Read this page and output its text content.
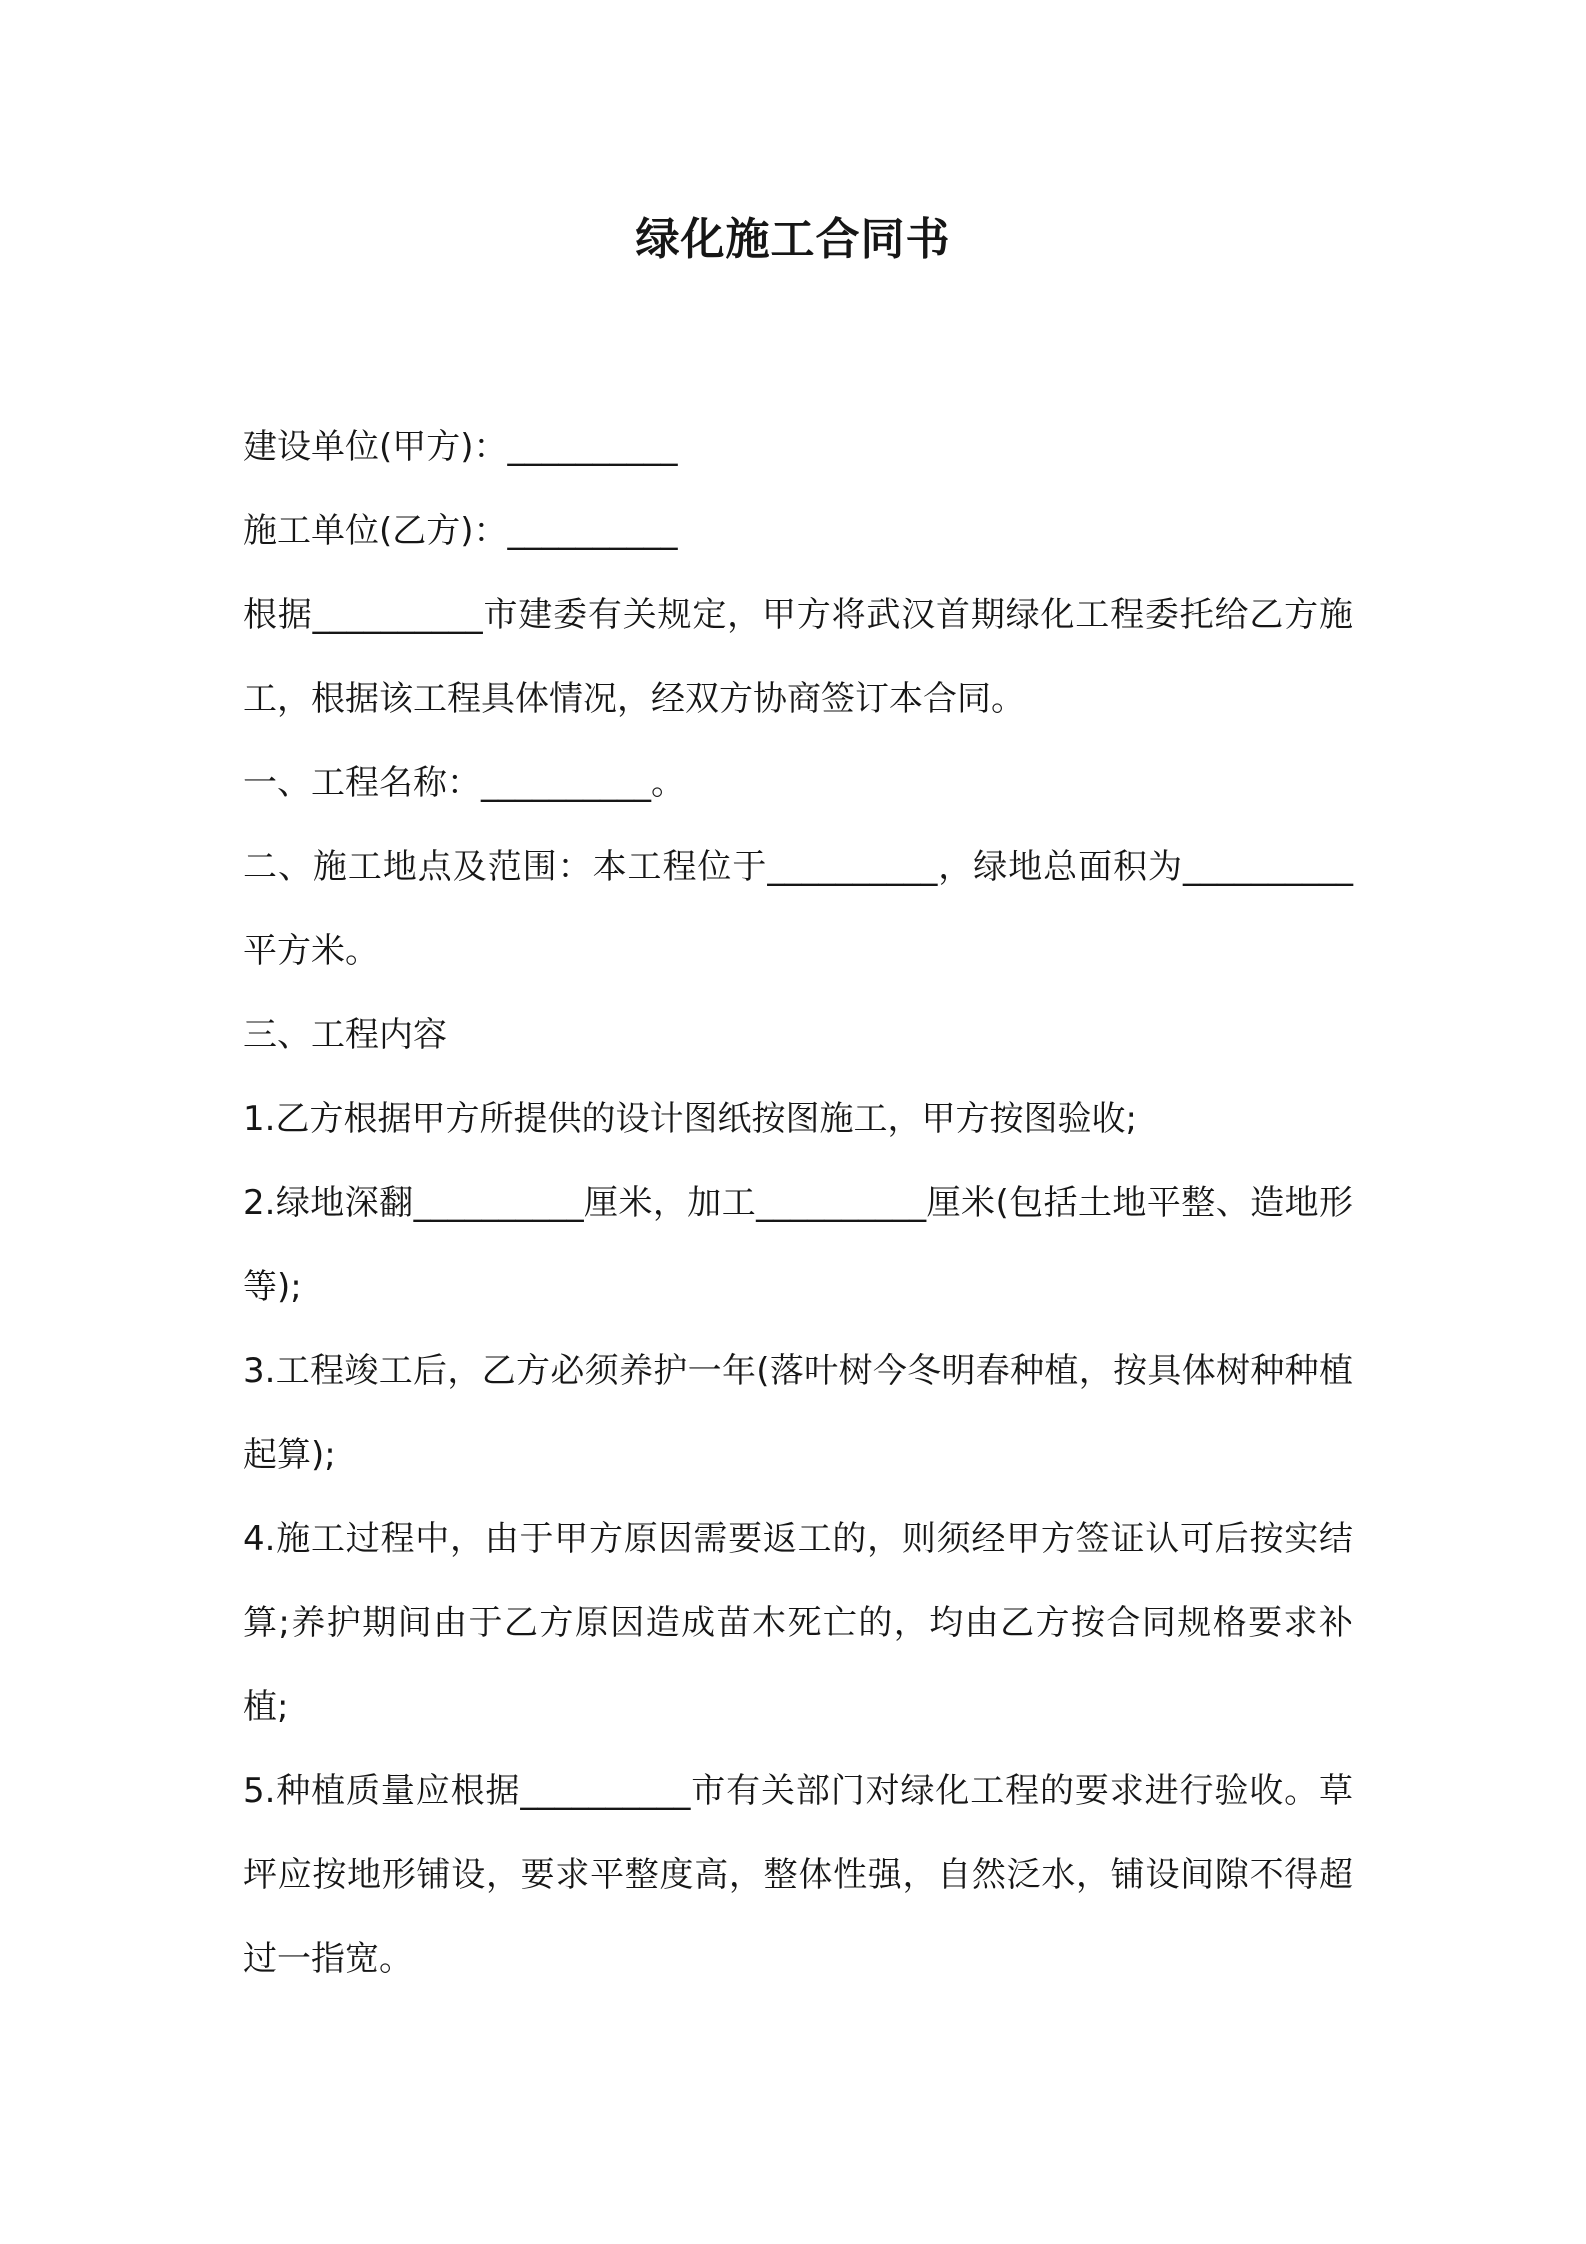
绿化施工合同书

建设单位(甲方)：__________

施工单位(乙方)：__________

根据__________市建委有关规定，甲方将武汉首期绿化工程委托给乙方施工，根据该工程具体情况，经双方协商签订本合同。

一、工程名称：__________。

二、施工地点及范围：本工程位于__________，绿地总面积为__________平方米。

三、工程内容

1.乙方根据甲方所提供的设计图纸按图施工，甲方按图验收;

2.绿地深翻__________厘米，加工__________厘米(包括土地平整、造地形等);

3.工程竣工后，乙方必须养护一年(落叶树今冬明春种植，按具体树种种植起算);

4.施工过程中，由于甲方原因需要返工的，则须经甲方签证认可后按实结算;养护期间由于乙方原因造成苗木死亡的，均由乙方按合同规格要求补植;

5.种植质量应根据__________市有关部门对绿化工程的要求进行验收。草坪应按地形铺设，要求平整度高，整体性强，自然泛水，铺设间隙不得超过一指宽。
